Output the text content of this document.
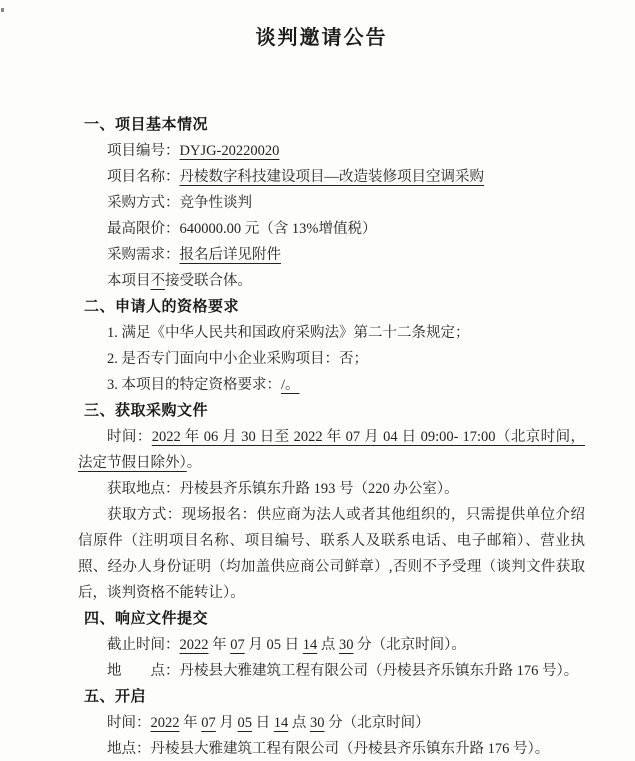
谈判邀请公告
一、项目基本情况

项目编号：DYJG-20220020

项目名称：丹棱数字科技建设项目—改造装修项目空调采购

采购方式：竞争性谈判

最高限价：640000.00 元（含 13%增值税）

采购需求：报名后详见附件

本项目不接受联合体。

二、申请人的资格要求

1. 满足《中华人民共和国政府采购法》第二十二条规定；

2. 是否专门面向中小企业采购项目：否；

3. 本项目的特定资格要求：/。

三、获取采购文件

时间：2022 年 06 月 30 日至 2022 年 07 月 04 日 09:00- 17:00（北京时间，法定节假日除外）。

获取地点：丹棱县齐乐镇东升路 193 号（220 办公室）。

获取方式：现场报名：供应商为法人或者其他组织的，只需提供单位介绍信原件（注明项目名称、项目编号、联系人及联系电话、电子邮箱）、营业执照、经办人身份证明（均加盖供应商公司鲜章）,否则不予受理（谈判文件获取后，谈判资格不能转让）。

四、响应文件提交

截止时间：2022 年 07 月 05 日 14 点 30 分（北京时间）。

地　　点：丹棱县大雅建筑工程有限公司（丹棱县齐乐镇东升路 176 号）。

五、开启

时间：2022 年 07 月 05 日 14 点 30 分（北京时间）

地点：丹棱县大雅建筑工程有限公司（丹棱县齐乐镇东升路 176 号）。
